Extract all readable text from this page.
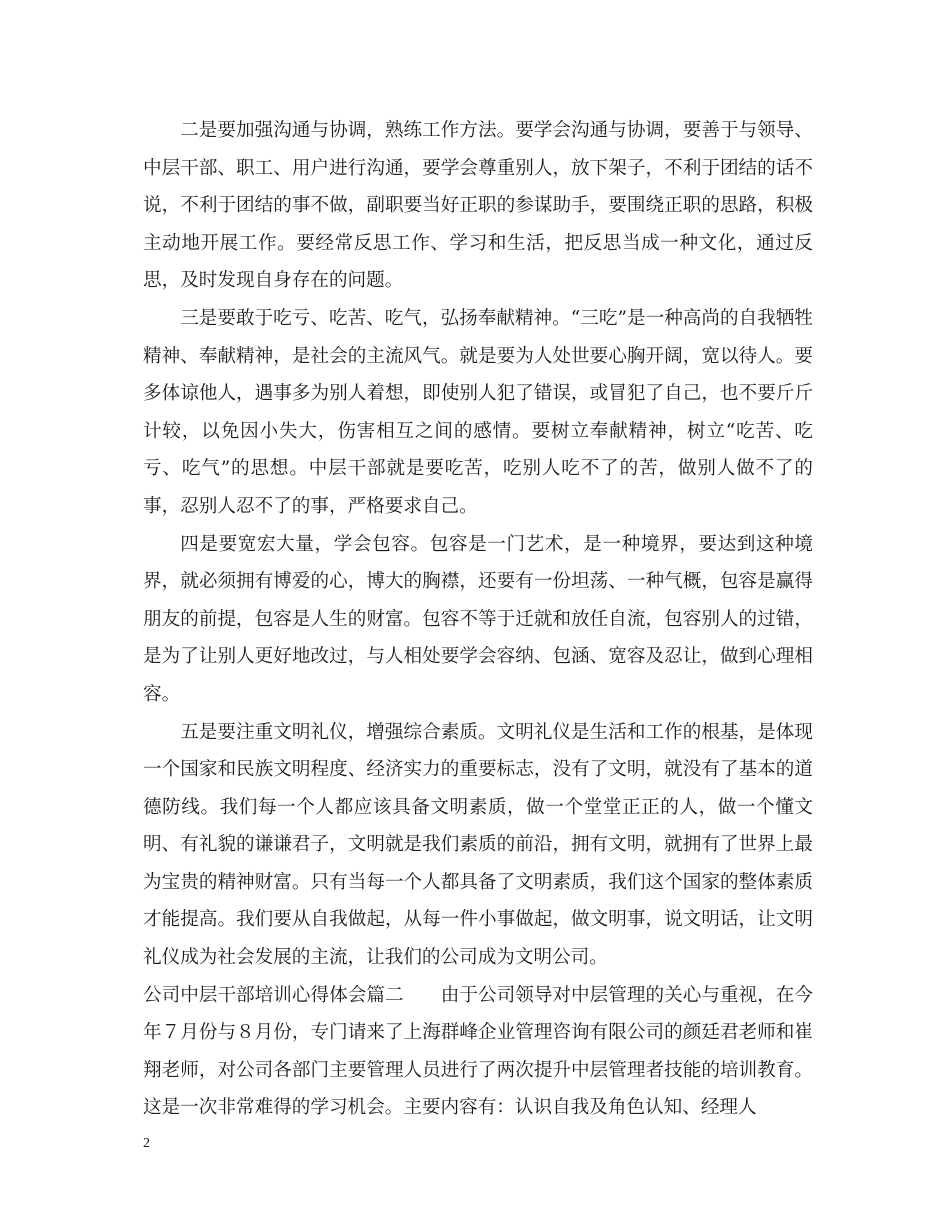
二是要加强沟通与协调，熟练工作方法。要学会沟通与协调，要善于与领导、中层干部、职工、用户进行沟通，要学会尊重别人，放下架子，不利于团结的话不说，不利于团结的事不做，副职要当好正职的参谋助手，要围绕正职的思路，积极主动地开展工作。要经常反思工作、学习和生活，把反思当成一种文化，通过反思，及时发现自身存在的问题。

三是要敢于吃亏、吃苦、吃气，弘扬奉献精神。“三吃”是一种高尚的自我牺牲精神、奉献精神，是社会的主流风气。就是要为人处世要心胸开阔，宽以待人。要多体谅他人，遇事多为别人着想，即使别人犯了错误，或冒犯了自己，也不要斤斤计较，以免因小失大，伤害相互之间的感情。要树立奉献精神，树立“吃苦、吃亏、吃气”的思想。中层干部就是要吃苦，吃别人吃不了的苦，做别人做不了的事，忍别人忍不了的事，严格要求自己。

四是要宽宏大量，学会包容。包容是一门艺术，是一种境界，要达到这种境界，就必须拥有博爱的心，博大的胸襟，还要有一份坦荡、一种气概，包容是赢得朋友的前提，包容是人生的财富。包容不等于迁就和放任自流，包容别人的过错，是为了让别人更好地改过，与人相处要学会容纳、包涵、宽容及忍让，做到心理相容。

五是要注重文明礼仪，增强综合素质。文明礼仪是生活和工作的根基，是体现一个国家和民族文明程度、经济实力的重要标志，没有了文明，就没有了基本的道德防线。我们每一个人都应该具备文明素质，做一个堂堂正正的人，做一个懂文明、有礼貌的谦谦君子，文明就是我们素质的前沿，拥有文明，就拥有了世界上最为宝贵的精神财富。只有当每一个人都具备了文明素质，我们这个国家的整体素质才能提高。我们要从自我做起，从每一件小事做起，做文明事，说文明话，让文明礼仪成为社会发展的主流，让我们的公司成为文明公司。

公司中层干部培训心得体会篇二 由于公司领导对中层管理的关心与重视，在今年７月份与８月份，专门请来了上海群峰企业管理咨询有限公司的颜廷君老师和崔翔老师，对公司各部门主要管理人员进行了两次提升中层管理者技能的培训教育。这是一次非常难得的学习机会。主要内容有：认识自我及角色认知、经理人

2
